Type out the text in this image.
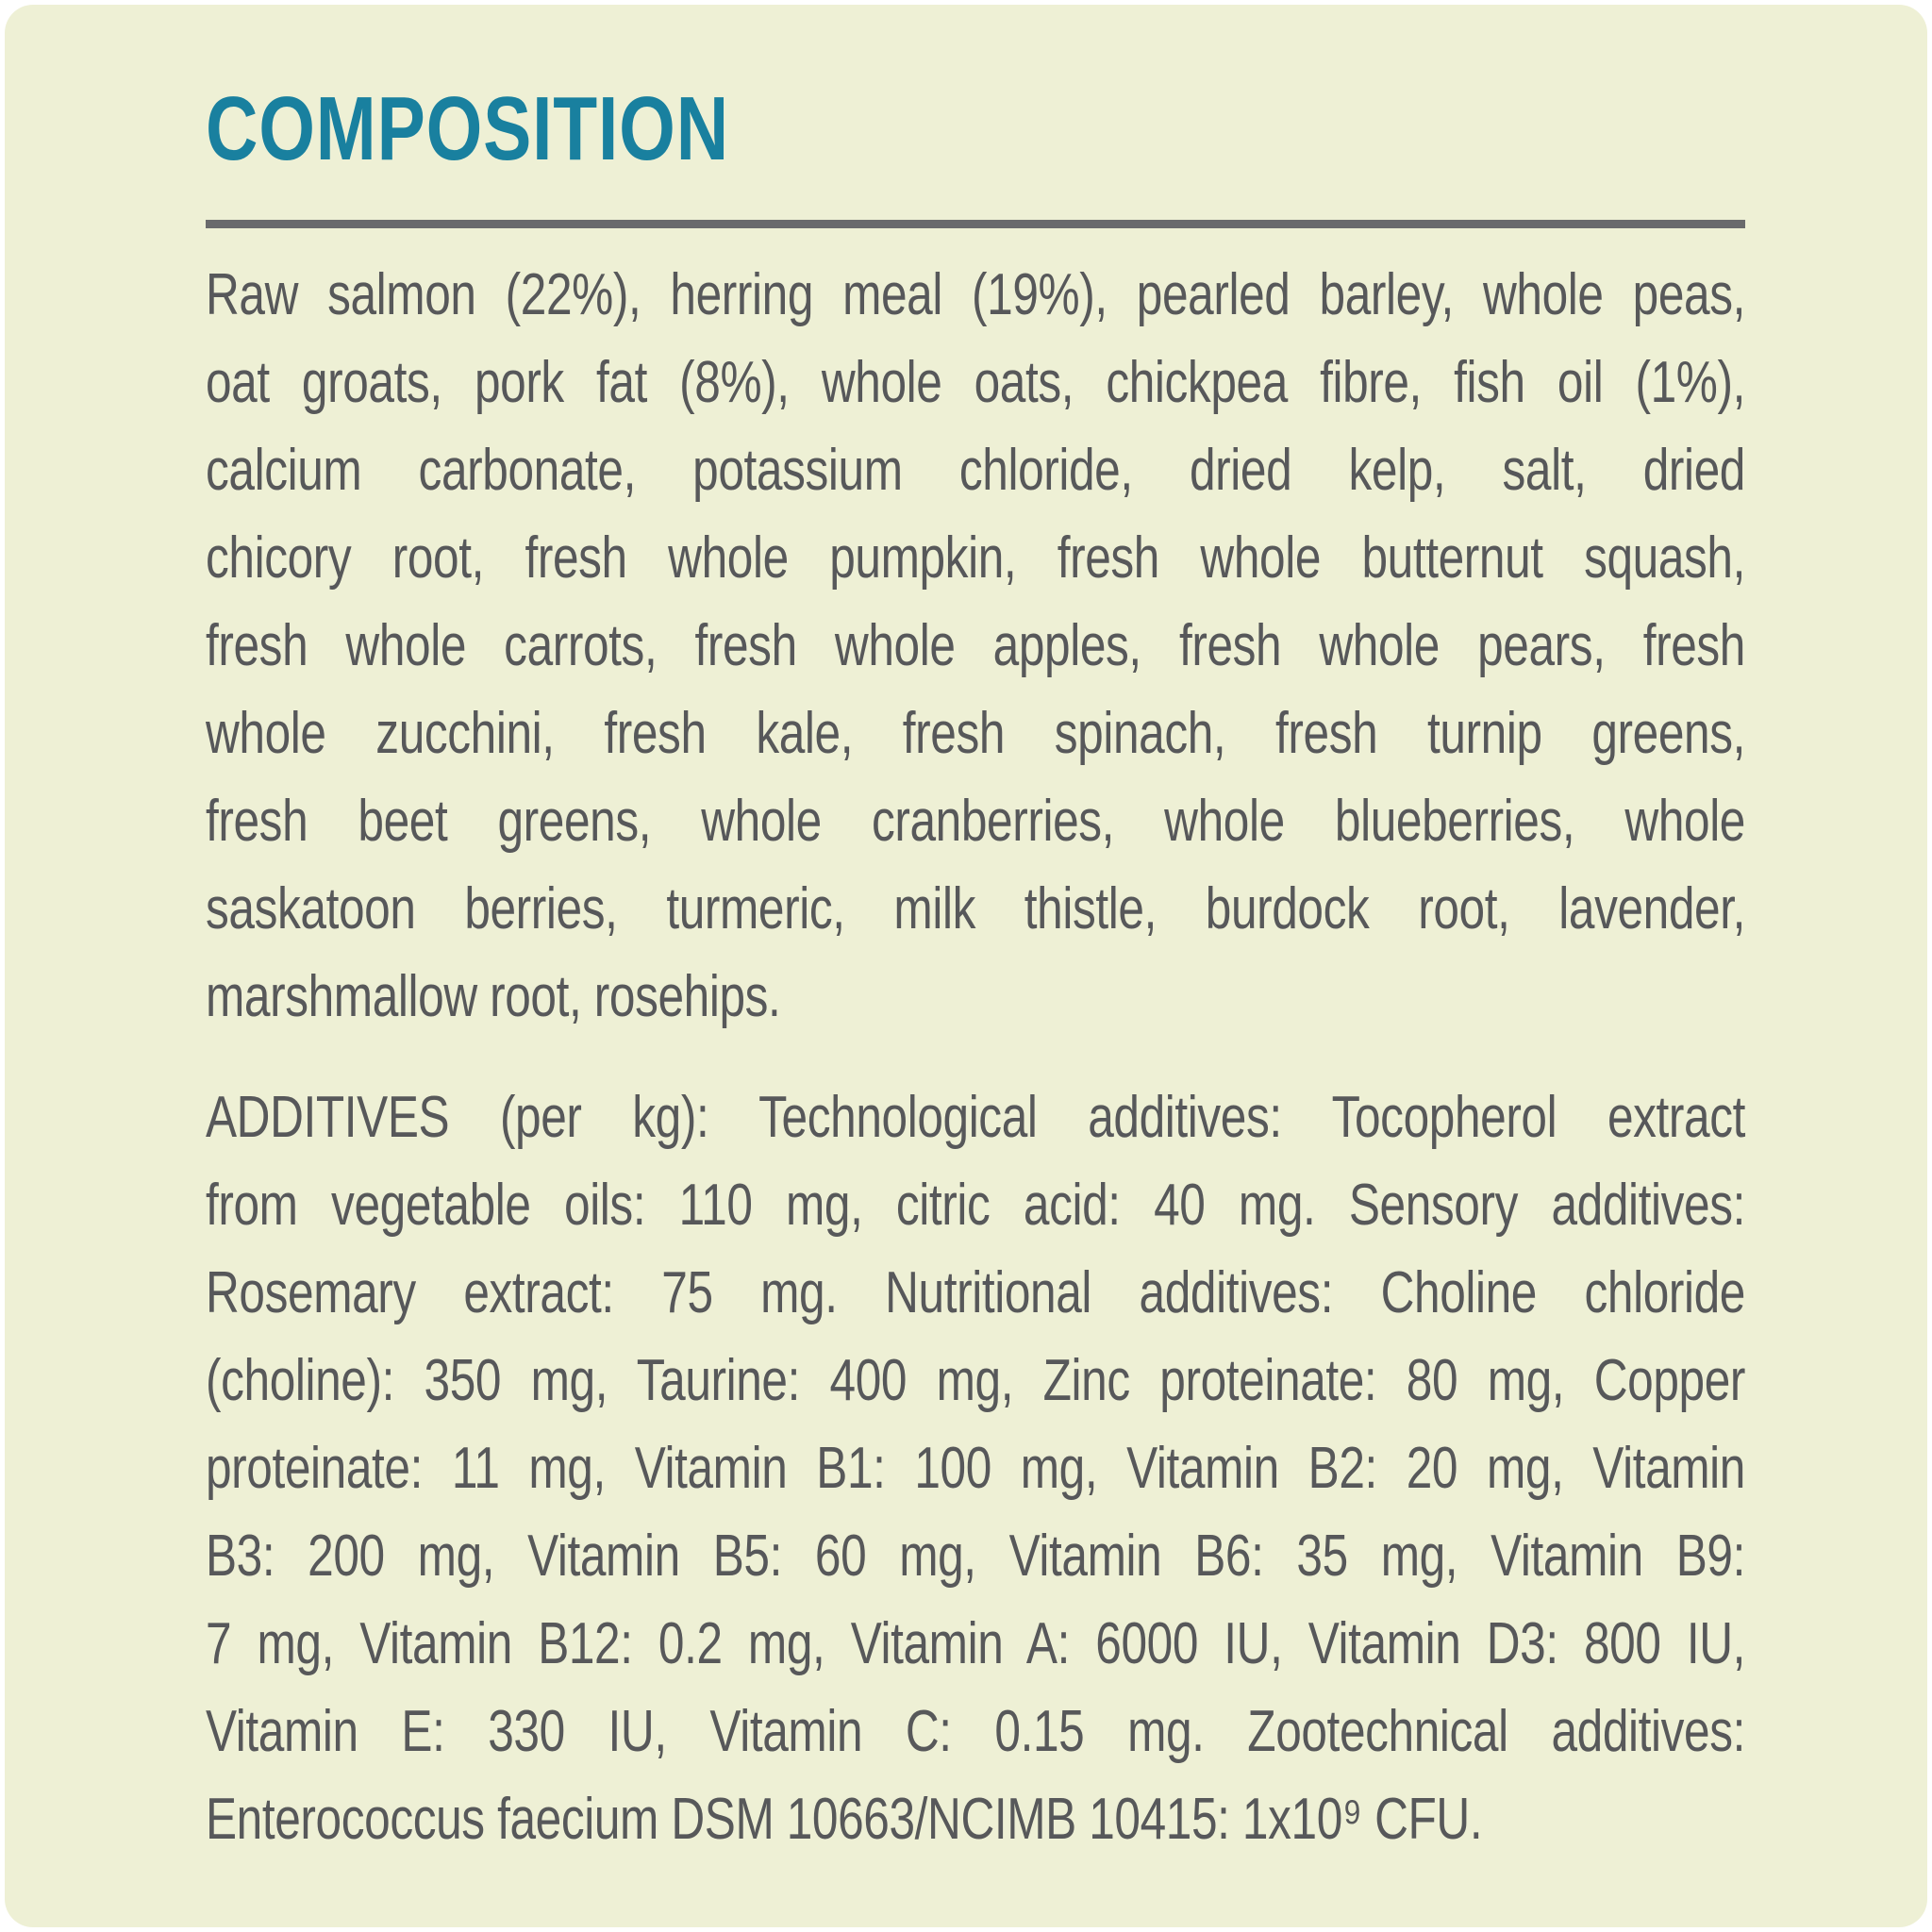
COMPOSITION
Raw salmon (22%), herring meal (19%), pearled barley, whole peas,
oat groats, pork fat (8%), whole oats, chickpea fibre, fish oil (1%),
calcium carbonate, potassium chloride, dried kelp, salt, dried
chicory root, fresh whole pumpkin, fresh whole butternut squash,
fresh whole carrots, fresh whole apples, fresh whole pears, fresh
whole zucchini, fresh kale, fresh spinach, fresh turnip greens,
fresh beet greens, whole cranberries, whole blueberries, whole
saskatoon berries, turmeric, milk thistle, burdock root, lavender,
marshmallow root, rosehips.
ADDITIVES (per kg): Technological additives: Tocopherol extract
from vegetable oils: 110 mg, citric acid: 40 mg. Sensory additives:
Rosemary extract: 75 mg. Nutritional additives: Choline chloride
(choline): 350 mg, Taurine: 400 mg, Zinc proteinate: 80 mg, Copper
proteinate: 11 mg, Vitamin B1: 100 mg, Vitamin B2: 20 mg, Vitamin
B3: 200 mg, Vitamin B5: 60 mg, Vitamin B6: 35 mg, Vitamin B9:
7 mg, Vitamin B12: 0.2 mg, Vitamin A: 6000 IU, Vitamin D3: 800 IU,
Vitamin E: 330 IU, Vitamin C: 0.15 mg. Zootechnical additives:
Enterococcus faecium DSM 10663/NCIMB 10415: 1x10⁹ CFU.
